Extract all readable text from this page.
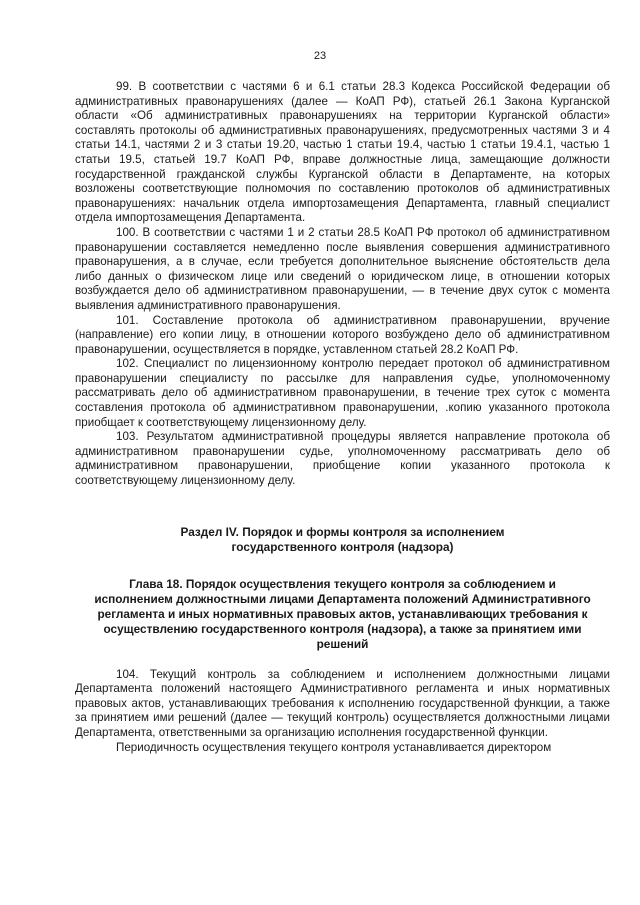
23

99. В соответствии с частями 6 и 6.1 статьи 28.3 Кодекса Российской Федерации об административных правонарушениях (далее — КоАП РФ), статьей 26.1 Закона Курганской области «Об административных правонарушениях на территории Курганской области» составлять протоколы об административных правонарушениях, предусмотренных частями 3 и 4 статьи 14.1, частями 2 и 3 статьи 19.20, частью 1 статьи 19.4, частью 1 статьи 19.4.1, частью 1 статьи 19.5, статьей 19.7 КоАП РФ, вправе должностные лица, замещающие должности государственной гражданской службы Курганской области в Департаменте, на которых возложены соответствующие полномочия по составлению протоколов об административных правонарушениях: начальник отдела импортозамещения Департамента, главный специалист отдела импортозамещения Департамента.

100. В соответствии с частями 1 и 2 статьи 28.5 КоАП РФ протокол об административном правонарушении составляется немедленно после выявления совершения административного правонарушения, а в случае, если требуется дополнительное выяснение обстоятельств дела либо данных о физическом лице или сведений о юридическом лице, в отношении которых возбуждается дело об административном правонарушении, — в течение двух суток с момента выявления административного правонарушения.

101. Составление протокола об административном правонарушении, вручение (направление) его копии лицу, в отношении которого возбуждено дело об административном правонарушении, осуществляется в порядке, уставленном статьей 28.2 КоАП РФ.

102. Специалист по лицензионному контролю передает протокол об административном правонарушении специалисту по рассылке для направления судье, уполномоченному рассматривать дело об административном правонарушении, в течение трех суток с момента составления протокола об административном правонарушении, .копию указанного протокола приобщает к соответствующему лицензионному делу.

103. Результатом административной процедуры является направление протокола об административном правонарушении судье, уполномоченному рассматривать дело об административном правонарушении, приобщение копии указанного протокола к соответствующему лицензионному делу.

Раздел IV. Порядок и формы контроля за исполнением государственного контроля (надзора)
Глава 18. Порядок осуществления текущего контроля за соблюдением и исполнением должностными лицами Департамента положений Административного регламента и иных нормативных правовых актов, устанавливающих требования к осуществлению государственного контроля (надзора), а также за принятием ими решений

104. Текущий контроль за соблюдением и исполнением должностными лицами Департамента положений настоящего Административного регламента и иных нормативных правовых актов, устанавливающих требования к исполнению государственной функции, а также за принятием ими решений (далее — текущий контроль) осуществляется должностными лицами Департамента, ответственными за организацию исполнения государственной функции.

Периодичность осуществления текущего контроля устанавливается директором
